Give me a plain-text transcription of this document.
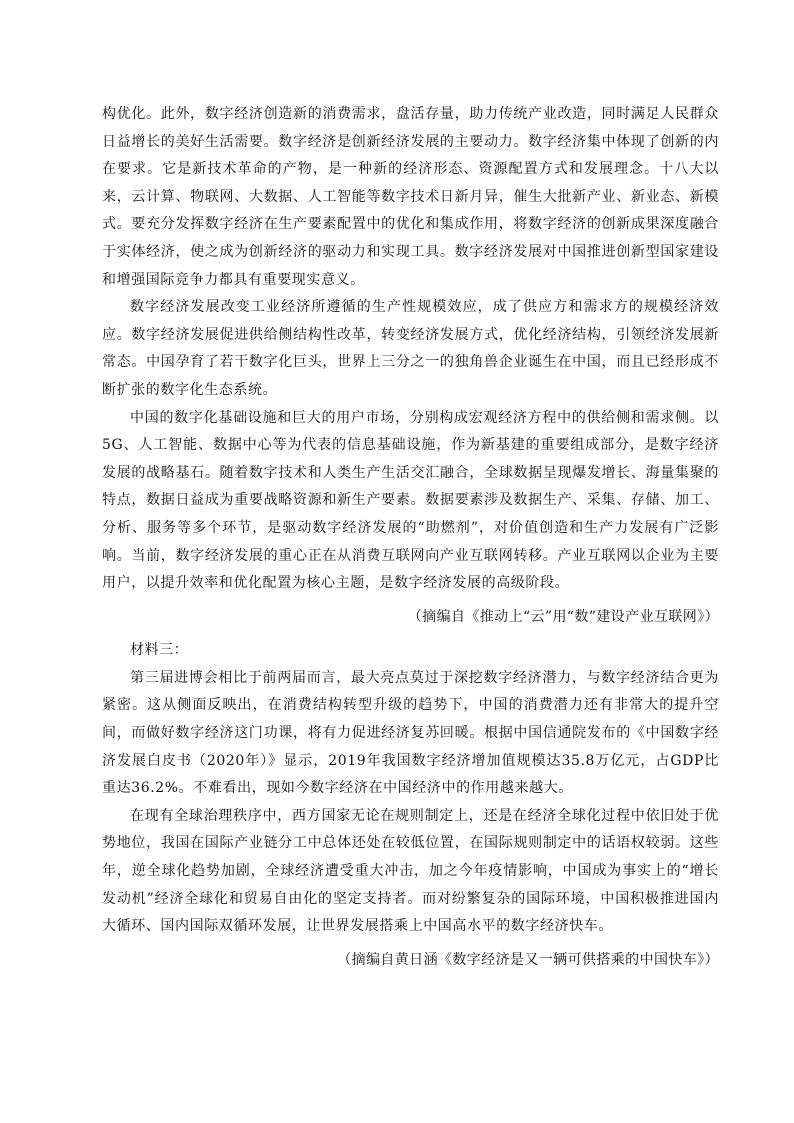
构优化。此外，数字经济创造新的消费需求，盘活存量，助力传统产业改造，同时满足人民群众日益增长的美好生活需要。数字经济是创新经济发展的主要动力。数字经济集中体现了创新的内在要求。它是新技术革命的产物，是一种新的经济形态、资源配置方式和发展理念。十八大以来，云计算、物联网、大数据、人工智能等数字技术日新月异，催生大批新产业、新业态、新模式。要充分发挥数字经济在生产要素配置中的优化和集成作用，将数字经济的创新成果深度融合于实体经济，使之成为创新经济的驱动力和实现工具。数字经济发展对中国推进创新型国家建设和增强国际竞争力都具有重要现实意义。

数字经济发展改变工业经济所遵循的生产性规模效应，成了供应方和需求方的规模经济效应。数字经济发展促进供给侧结构性改革，转变经济发展方式，优化经济结构，引领经济发展新常态。中国孕育了若干数字化巨头，世界上三分之一的独角兽企业诞生在中国，而且已经形成不断扩张的数字化生态系统。

中国的数字化基础设施和巨大的用户市场，分别构成宏观经济方程中的供给侧和需求侧。以5G、人工智能、数据中心等为代表的信息基础设施，作为新基建的重要组成部分，是数字经济发展的战略基石。随着数字技术和人类生产生活交汇融合，全球数据呈现爆发增长、海量集聚的特点，数据日益成为重要战略资源和新生产要素。数据要素涉及数据生产、采集、存储、加工、分析、服务等多个环节，是驱动数字经济发展的“助燃剂”，对价值创造和生产力发展有广泛影响。当前，数字经济发展的重心正在从消费互联网向产业互联网转移。产业互联网以企业为主要用户，以提升效率和优化配置为核心主题，是数字经济发展的高级阶段。

（摘编自《推动上“云”用“数”建设产业互联网》）

材料三：

第三届进博会相比于前两届而言，最大亮点莫过于深挖数字经济潜力，与数字经济结合更为紧密。这从侧面反映出，在消费结构转型升级的趋势下，中国的消费潜力还有非常大的提升空间，而做好数字经济这门功课，将有力促进经济复苏回暖。根据中国信通院发布的《中国数字经济发展白皮书（2020年）》显示，2019年我国数字经济增加值规模达35.8万亿元，占GDP比重达36.2%。不难看出，现如今数字经济在中国经济中的作用越来越大。

在现有全球治理秩序中，西方国家无论在规则制定上，还是在经济全球化过程中依旧处于优势地位，我国在国际产业链分工中总体还处在较低位置，在国际规则制定中的话语权较弱。这些年，逆全球化趋势加剧，全球经济遭受重大冲击，加之今年疫情影响，中国成为事实上的“增长发动机”经济全球化和贸易自由化的坚定支持者。而对纷繁复杂的国际环境，中国积极推进国内大循环、国内国际双循环发展，让世界发展搭乘上中国高水平的数字经济快车。

（摘编自黄日涵《数字经济是又一辆可供搭乘的中国快车》）
